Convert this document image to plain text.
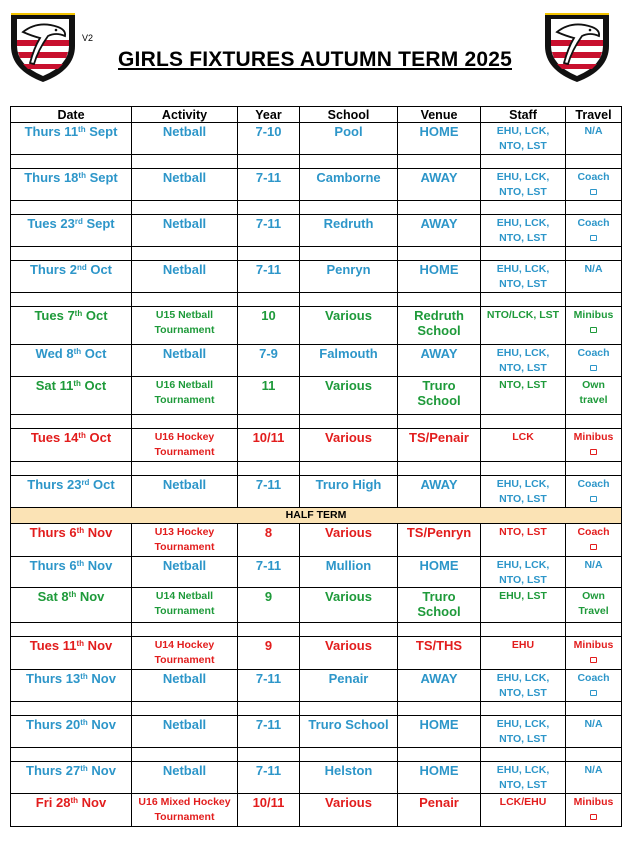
V2
GIRLS FIXTURES AUTUMN TERM 2025
Date	Activity	Year	School	Venue	Staff	Travel
Thurs 11th Sept	Netball	7-10	Pool	HOME	EHU, LCK, NTO, LST	N/A

Thurs 18th Sept	Netball	7-11	Camborne	AWAY	EHU, LCK, NTO, LST	Coach

Tues 23rd Sept	Netball	7-11	Redruth	AWAY	EHU, LCK, NTO, LST	Coach

Thurs 2nd Oct	Netball	7-11	Penryn	HOME	EHU, LCK, NTO, LST	N/A

Tues 7th Oct	U15 Netball Tournament	10	Various	Redruth School	NTO/LCK, LST	Minibus

Wed 8th Oct	Netball	7-9	Falmouth	AWAY	EHU, LCK, NTO, LST	Coach

Sat 11th Oct	U16 Netball Tournament	11	Various	Truro School	NTO, LST	Own travel

Tues 14th Oct	U16 Hockey Tournament	10/11	Various	TS/Penair	LCK	Minibus

Thurs 23rd Oct	Netball	7-11	Truro High	AWAY	EHU, LCK, NTO, LST	Coach

HALF TERM						
Thurs 6th Nov	U13 Hockey Tournament	8	Various	TS/Penryn	NTO, LST	Coach

Thurs 6th Nov	Netball	7-11	Mullion	HOME	EHU, LCK, NTO, LST	N/A
Sat 8th Nov	U14 Netball Tournament	9	Various	Truro School	EHU, LST	Own Travel

Tues 11th Nov	U14 Hockey Tournament	9	Various	TS/THS	EHU	Minibus

Thurs 13th Nov	Netball	7-11	Penair	AWAY	EHU, LCK, NTO, LST	Coach

Thurs 20th Nov	Netball	7-11	Truro School	HOME	EHU, LCK, NTO, LST	N/A

Thurs 27th Nov	Netball	7-11	Helston	HOME	EHU, LCK, NTO, LST	N/A
Fri 28th Nov	U16 Mixed Hockey Tournament	10/11	Various	Penair	LCK/EHU	Minibus
